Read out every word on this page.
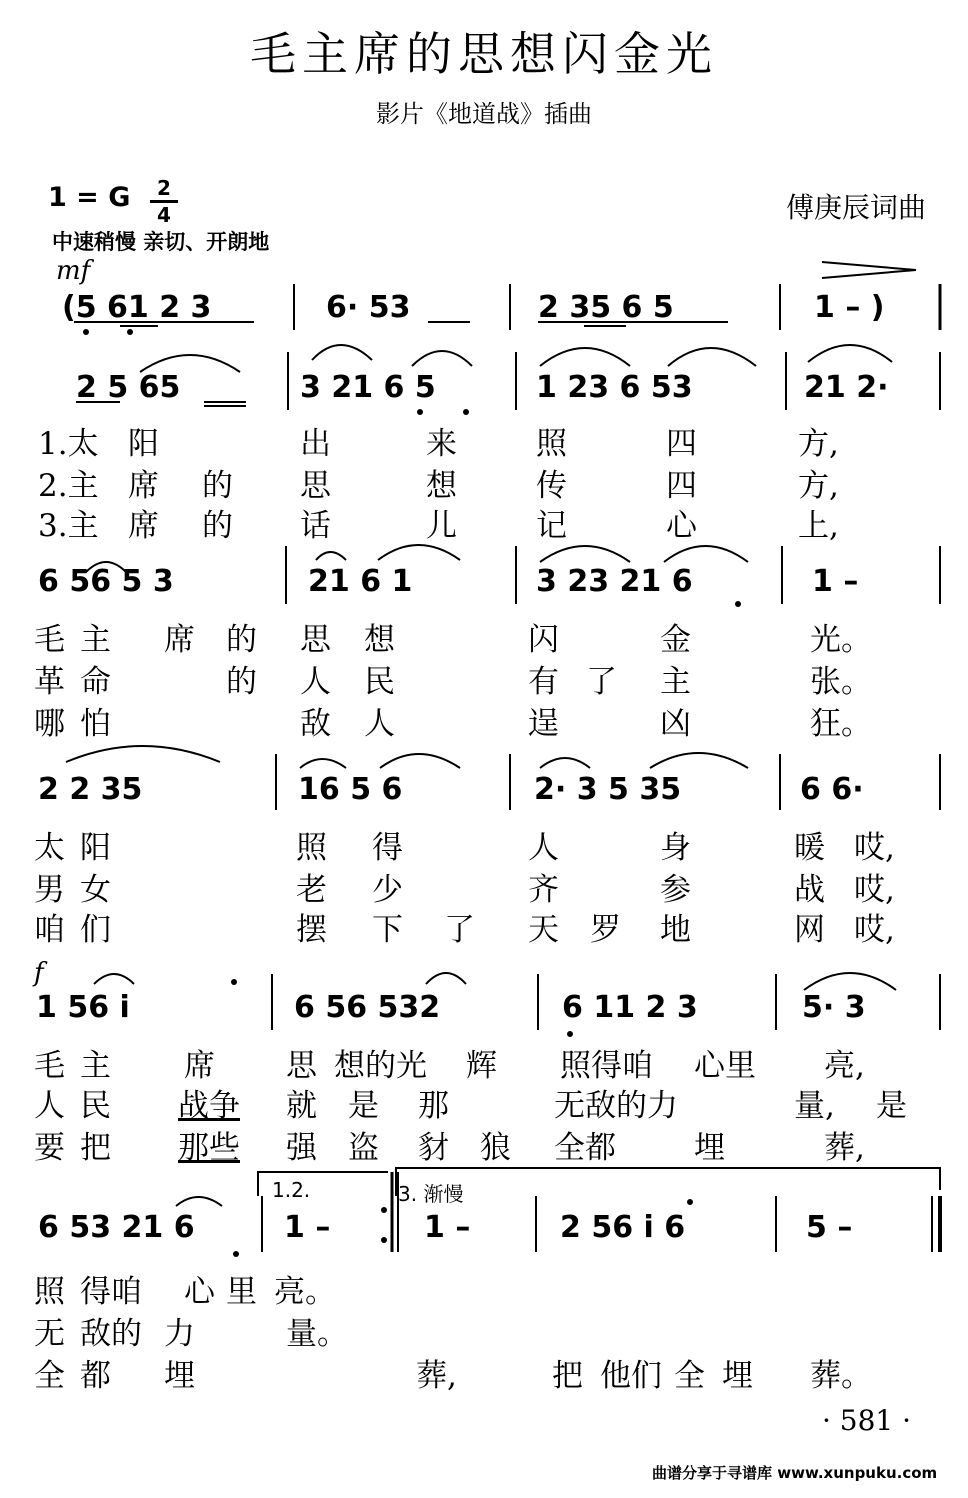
毛主席的思想闪金光
影片《地道战》插曲
1 = G $\frac{2}{4}$
中速稍慢 亲切、开朗地
傅庚辰词曲
mf
f
(5 61 2 3	6· 53	2 35 6 5	1 – )
2 5 65	3 21 6 5	1 23 6 53	21 2·
1.太 阳	出	来	照	四	方,
2.主 席 的 思	想	传	四	方,
3.主 席 的 话	儿	记	心	上,
6 56 5 3	21 6 1	3 23 21 6	1 –
毛 主 席 的 思 想	闪	金	光。
革 命	的 人 民	有 了 主	张。
哪 怕	敌 人	逞	凶	狂。
2 2 35	16 5 6	2· 3 5 35	6 6·
太 阳	照 得	人	身	暖 哎,
男 女	老 少	齐	参	战 哎,
咱 们	摆 下 了 天 罗 地	网 哎,
1 56 i	6 56 532	6 11 2 3	5· 3
毛 主 席 思 想的光 辉 照得咱 心里 亮,
人 民 战争 就 是 那	无敌的力	量, 是
要 把 那些 强 盗 豺 狼 全都	埋	葬,
1.2.	3. 渐慢
6 53 21 6	1 –	1 –	2 56 i 6	5 –
照 得咱 心 里 亮。
无 敌的 力	量。
全 都 埋	葬,	把 他们 全 埋 葬。
· 581 ·
曲谱分享于寻谱库 www.xunpuku.com
